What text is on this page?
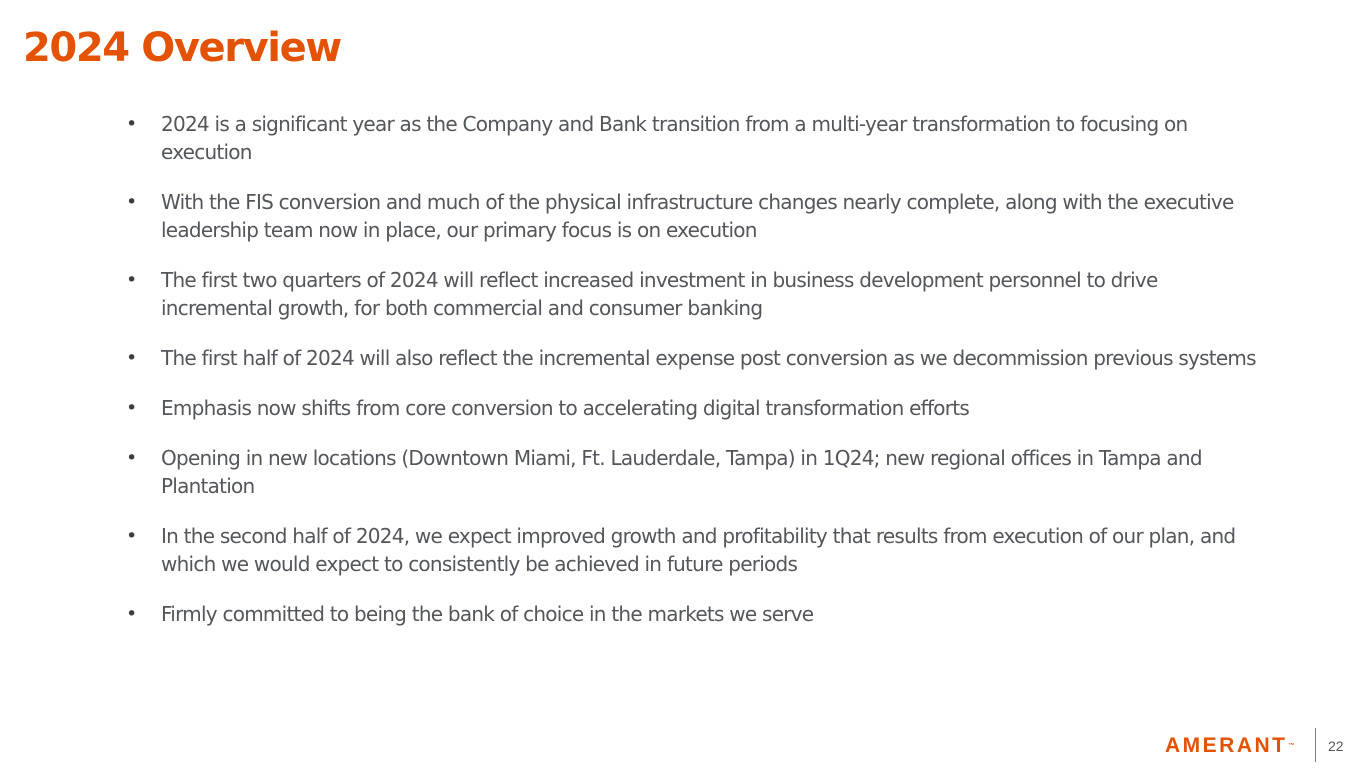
2024 Overview
•	2024 is a significant year as the Company and Bank transition from a multi-year transformation to focusing on execution
•	With the FIS conversion and much of the physical infrastructure changes nearly complete, along with the executive leadership team now in place, our primary focus is on execution
•	The first two quarters of 2024 will reflect increased investment in business development personnel to drive incremental growth, for both commercial and consumer banking
•	The first half of 2024 will also reflect the incremental expense post conversion as we decommission previous systems
•	Emphasis now shifts from core conversion to accelerating digital transformation efforts
•	Opening in new locations (Downtown Miami, Ft. Lauderdale, Tampa) in 1Q24; new regional offices in Tampa and Plantation
•	In the second half of 2024, we expect improved growth and profitability that results from execution of our plan, and which we would expect to consistently be achieved in future periods
•	Firmly committed to being the bank of choice in the markets we serve
AMERANT™ 22
